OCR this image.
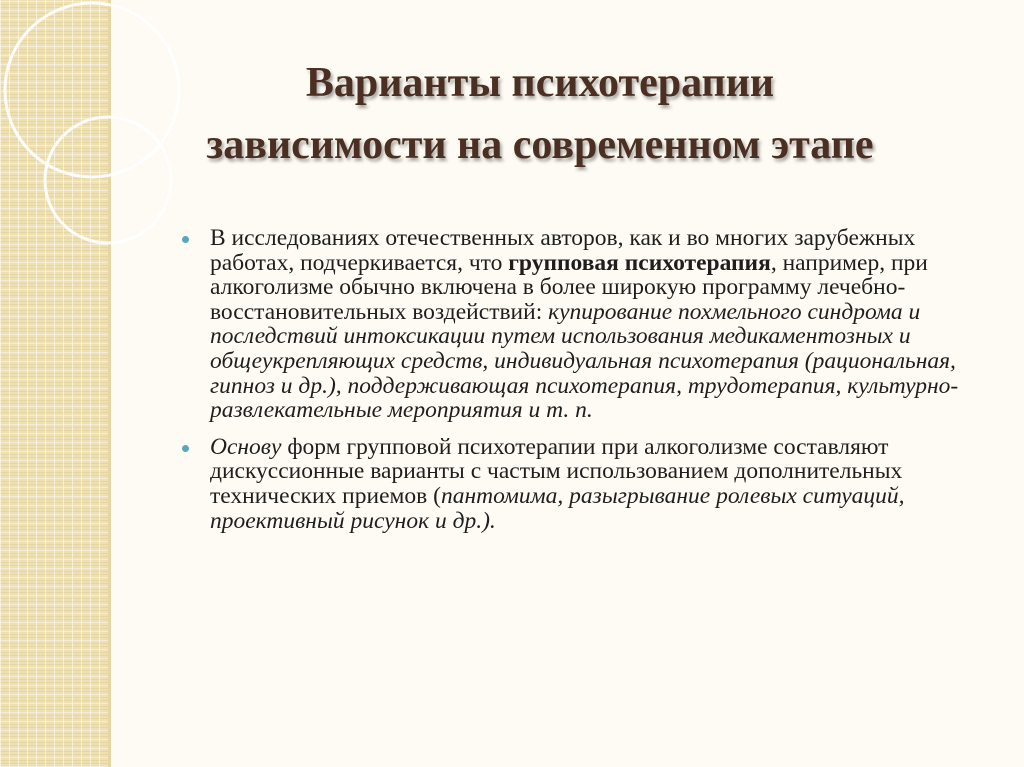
Варианты психотерапии зависимости на современном этапе
В исследованиях отечественных авторов, как и во многих зарубежных работах, подчеркивается, что групповая психотерапия, например, при алкоголизме обычно включена в более широкую программу лечебно-восстановительных воздействий: купирование похмельного синдрома и последствий интоксикации путем использования медикаментозных и общеукрепляющих средств, индивидуальная психотерапия (рациональная, гипноз и др.), поддерживающая психотерапия, трудотерапия, культурно-развлекательные мероприятия и т. п.
Основу форм групповой психотерапии при алкоголизме составляют дискуссионные варианты с частым использованием дополнительных технических приемов (пантомима, разыгрывание ролевых ситуаций, проективный рисунок и др.).
